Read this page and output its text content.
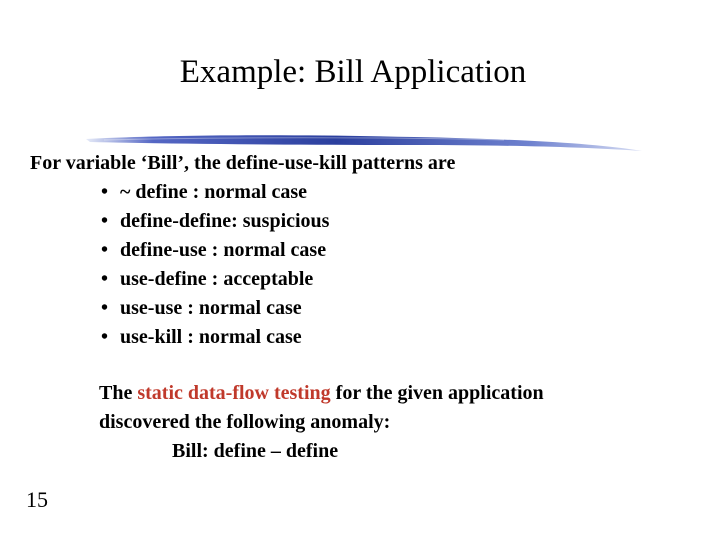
Example: Bill Application
For variable ‘Bill’, the define-use-kill patterns are
• ~ define : normal case
• define-define: suspicious
• define-use : normal case
• use-define : acceptable
• use-use : normal case
• use-kill : normal case
The static data-flow testing for the given application
discovered the following anomaly:
Bill: define – define
15
